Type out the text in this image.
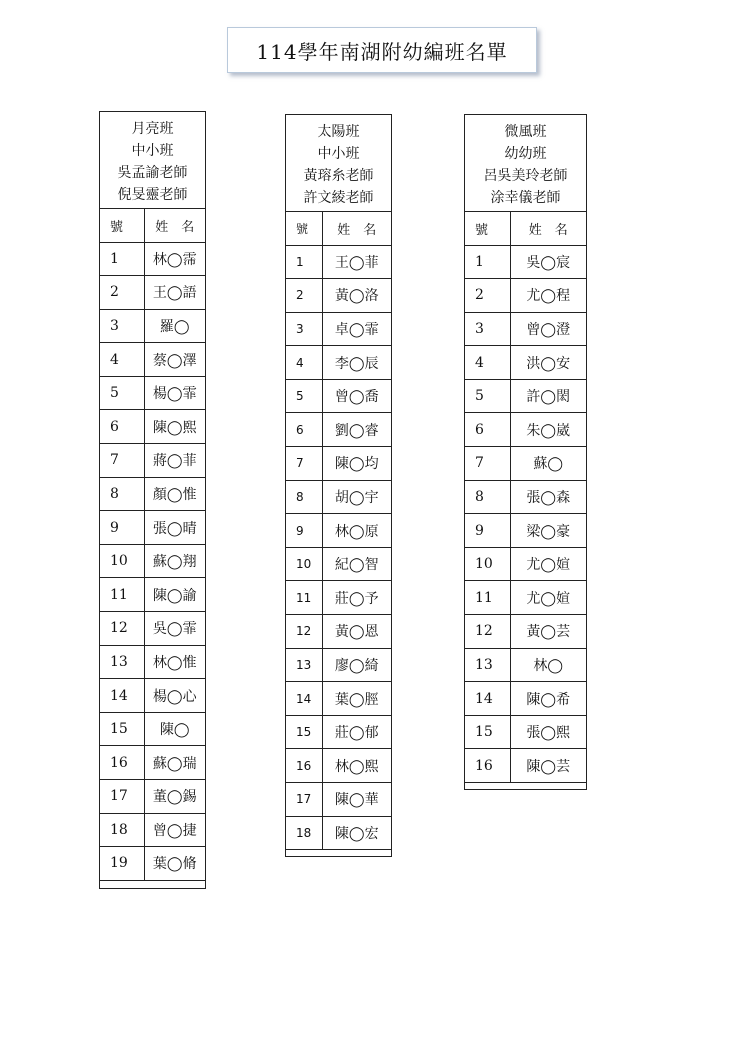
114學年南湖附幼編班名單
月亮班
中小班
吳孟諭老師
倪旻靈老師
號	姓　名
1	林◯霈
2	王◯語
3	羅◯
4	蔡◯澤
5	楊◯霏
6	陳◯熙
7	蔣◯菲
8	顏◯惟
9	張◯晴
10	蘇◯翔
11	陳◯諭
12	吳◯霏
13	林◯惟
14	楊◯心
15	陳◯
16	蘇◯瑞
17	董◯錫
18	曾◯捷
19	葉◯脩

太陽班
中小班
黃瑢糸老師
許文綾老師
號	姓　名
1	王◯菲
2	黃◯洛
3	卓◯霏
4	李◯辰
5	曾◯喬
6	劉◯睿
7	陳◯均
8	胡◯宇
9	林◯原
10	紀◯智
11	莊◯予
12	黃◯恩
13	廖◯綺
14	葉◯脛
15	莊◯郁
16	林◯熙
17	陳◯華
18	陳◯宏

微風班
幼幼班
呂吳美玲老師
涂幸儀老師
號	姓　名
1	吳◯宸
2	尤◯程
3	曾◯澄
4	洪◯安
5	許◯閎
6	朱◯崴
7	蘇◯
8	張◯森
9	梁◯豪
10	尤◯媗
11	尤◯媗
12	黃◯芸
13	林◯
14	陳◯希
15	張◯熙
16	陳◯芸
